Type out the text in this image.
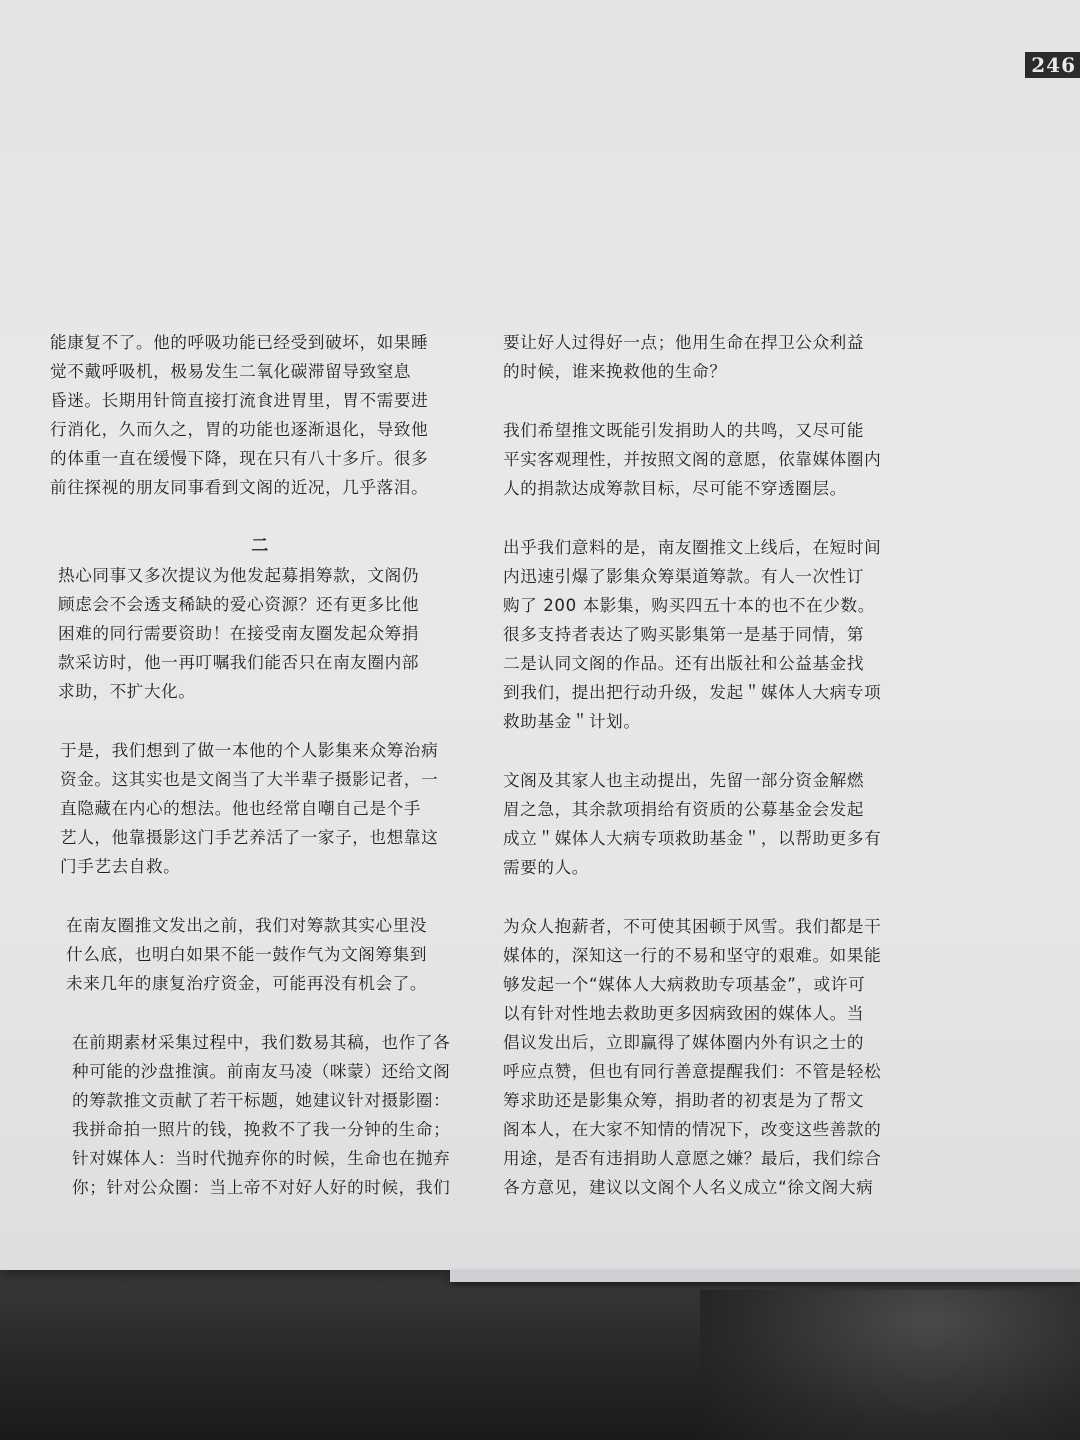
246

能康复不了。他的呼吸功能已经受到破坏，如果睡
觉不戴呼吸机，极易发生二氧化碳滞留导致窒息
昏迷。长期用针筒直接打流食进胃里，胃不需要进
行消化，久而久之，胃的功能也逐渐退化，导致他
的体重一直在缓慢下降，现在只有八十多斤。很多
前往探视的朋友同事看到文阁的近况，几乎落泪。

二

热心同事又多次提议为他发起募捐筹款，文阁仍
顾虑会不会透支稀缺的爱心资源？还有更多比他
困难的同行需要资助！在接受南友圈发起众筹捐
款采访时，他一再叮嘱我们能否只在南友圈内部
求助，不扩大化。

于是，我们想到了做一本他的个人影集来众筹治病
资金。这其实也是文阁当了大半辈子摄影记者，一
直隐藏在内心的想法。他也经常自嘲自己是个手
艺人，他靠摄影这门手艺养活了一家子，也想靠这
门手艺去自救。

在南友圈推文发出之前，我们对筹款其实心里没
什么底，也明白如果不能一鼓作气为文阁筹集到
未来几年的康复治疗资金，可能再没有机会了。

在前期素材采集过程中，我们数易其稿，也作了各
种可能的沙盘推演。前南友马凌（咪蒙）还给文阁
的筹款推文贡献了若干标题，她建议针对摄影圈：
我拼命拍一照片的钱，挽救不了我一分钟的生命；
针对媒体人：当时代抛弃你的时候，生命也在抛弃
你；针对公众圈：当上帝不对好人好的时候，我们

要让好人过得好一点；他用生命在捍卫公众利益
的时候，谁来挽救他的生命？

我们希望推文既能引发捐助人的共鸣，又尽可能
平实客观理性，并按照文阁的意愿，依靠媒体圈内
人的捐款达成筹款目标，尽可能不穿透圈层。

出乎我们意料的是，南友圈推文上线后，在短时间
内迅速引爆了影集众筹渠道筹款。有人一次性订
购了 200 本影集，购买四五十本的也不在少数。
很多支持者表达了购买影集第一是基于同情，第
二是认同文阁的作品。还有出版社和公益基金找
到我们，提出把行动升级，发起＂媒体人大病专项
救助基金＂计划。

文阁及其家人也主动提出，先留一部分资金解燃
眉之急，其余款项捐给有资质的公募基金会发起
成立＂媒体人大病专项救助基金＂，以帮助更多有
需要的人。

为众人抱薪者，不可使其困顿于风雪。我们都是干
媒体的，深知这一行的不易和坚守的艰难。如果能
够发起一个“媒体人大病救助专项基金”，或许可
以有针对性地去救助更多因病致困的媒体人。当
倡议发出后，立即赢得了媒体圈内外有识之士的
呼应点赞，但也有同行善意提醒我们：不管是轻松
筹求助还是影集众筹，捐助者的初衷是为了帮文
阁本人，在大家不知情的情况下，改变这些善款的
用途，是否有违捐助人意愿之嫌？最后，我们综合
各方意见，建议以文阁个人名义成立“徐文阁大病
